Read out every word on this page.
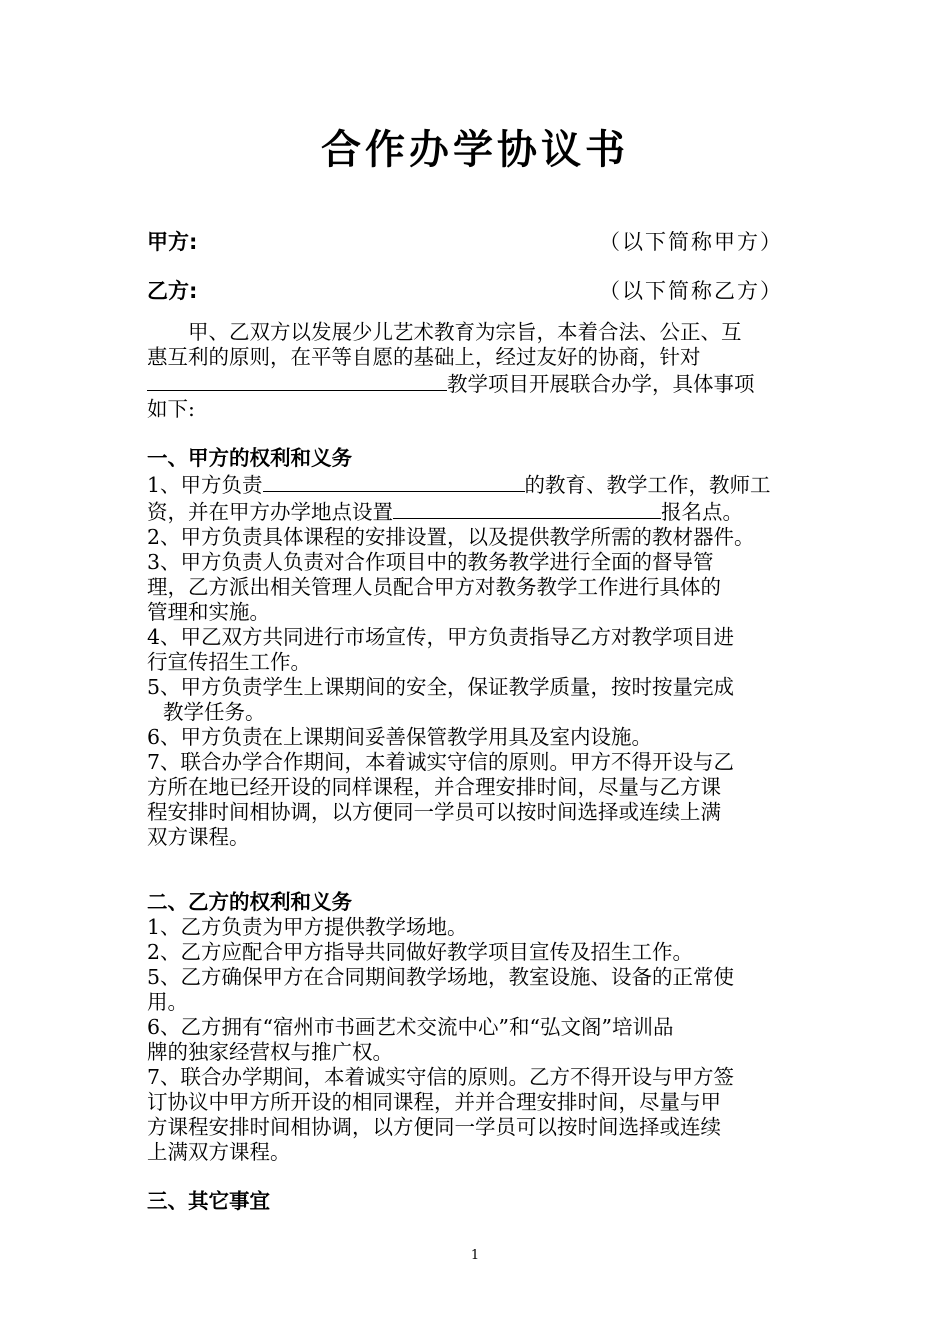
合作办学协议书
甲方:	（以下简称甲方）
乙方:	（以下简称乙方）

甲、乙双方以发展少儿艺术教育为宗旨，本着合法、公正、互

惠互利的原则，在平等自愿的基础上，经过友好的协商，针对

教学项目开展联合办学，具体事项

如下:

一、甲方的权利和义务

1、甲方负责	的教育、教学工作，教师工

资，并在甲方办学地点设置	报名点。

2、甲方负责具体课程的安排设置，以及提供教学所需的教材器件。

3、甲方负责人负责对合作项目中的教务教学进行全面的督导管

理，乙方派出相关管理人员配合甲方对教务教学工作进行具体的

管理和实施。

4、甲乙双方共同进行市场宣传，甲方负责指导乙方对教学项目进

行宣传招生工作。

5、甲方负责学生上课期间的安全，保证教学质量，按时按量完成

教学任务。

6、甲方负责在上课期间妥善保管教学用具及室内设施。

7、联合办学合作期间，本着诚实守信的原则。甲方不得开设与乙

方所在地已经开设的同样课程，并合理安排时间，尽量与乙方课

程安排时间相协调，以方便同一学员可以按时间选择或连续上满

双方课程。

二、乙方的权利和义务

1、乙方负责为甲方提供教学场地。

2、乙方应配合甲方指导共同做好教学项目宣传及招生工作。

5、乙方确保甲方在合同期间教学场地，教室设施、设备的正常使

用。

6、乙方拥有“宿州市书画艺术交流中心”和“弘文阁”培训品

牌的独家经营权与推广权。

7、联合办学期间，本着诚实守信的原则。乙方不得开设与甲方签

订协议中甲方所开设的相同课程，并并合理安排时间，尽量与甲

方课程安排时间相协调，以方便同一学员可以按时间选择或连续

上满双方课程。

三、其它事宜

1
